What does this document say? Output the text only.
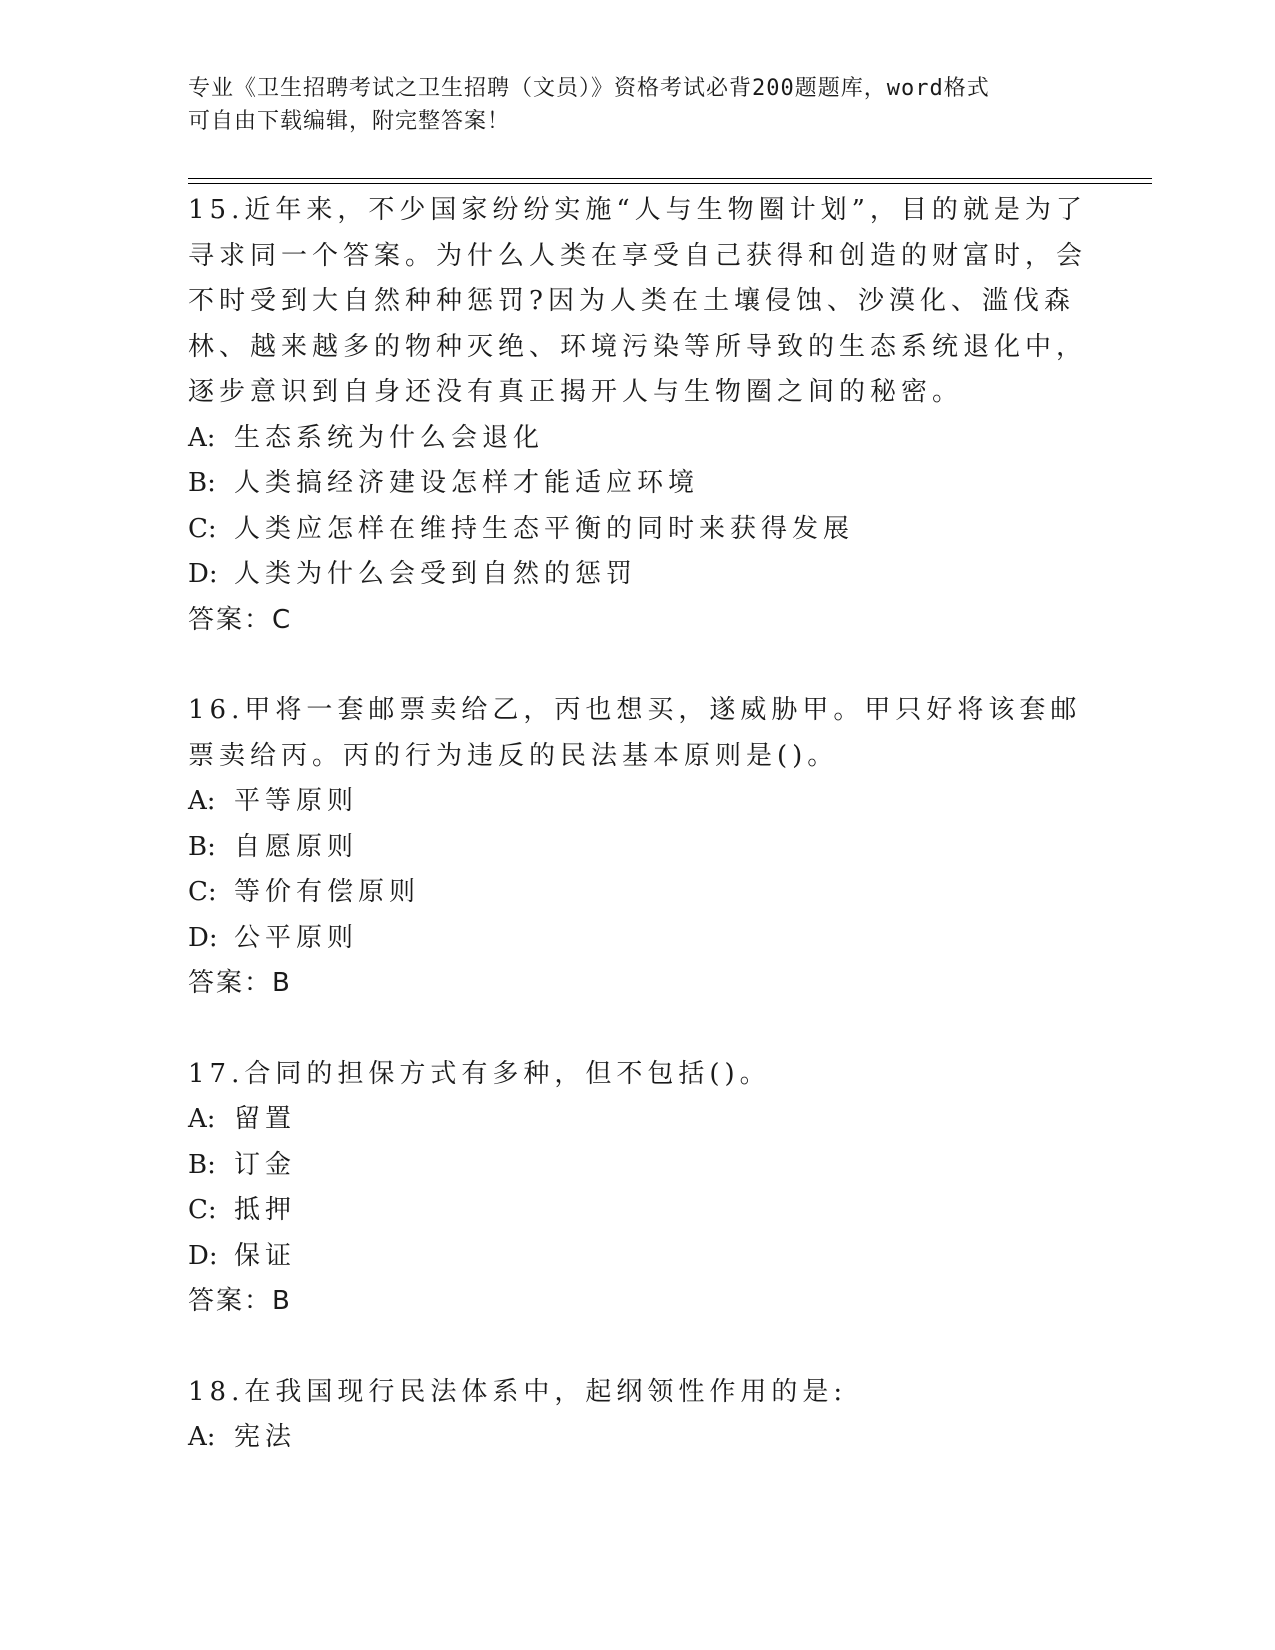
专业《卫生招聘考试之卫生招聘（文员）》资格考试必背200题题库，word格式
可自由下载编辑，附完整答案！

15.近年来，不少国家纷纷实施“人与生物圈计划”，目的就是为了寻求同一个答案。为什么人类在享受自己获得和创造的财富时，会不时受到大自然种种惩罚?因为人类在土壤侵蚀、沙漠化、滥伐森林、越来越多的物种灭绝、环境污染等所导致的生态系统退化中，逐步意识到自身还没有真正揭开人与生物圈之间的秘密。

A: 生态系统为什么会退化

B: 人类搞经济建设怎样才能适应环境

C: 人类应怎样在维持生态平衡的同时来获得发展

D: 人类为什么会受到自然的惩罚

答案：C

16.甲将一套邮票卖给乙，丙也想买，遂威胁甲。甲只好将该套邮票卖给丙。丙的行为违反的民法基本原则是()。

A: 平等原则

B: 自愿原则

C: 等价有偿原则

D: 公平原则

答案：B

17.合同的担保方式有多种，但不包括()。

A: 留置

B: 订金

C: 抵押

D: 保证

答案：B

18.在我国现行民法体系中，起纲领性作用的是:

A: 宪法
